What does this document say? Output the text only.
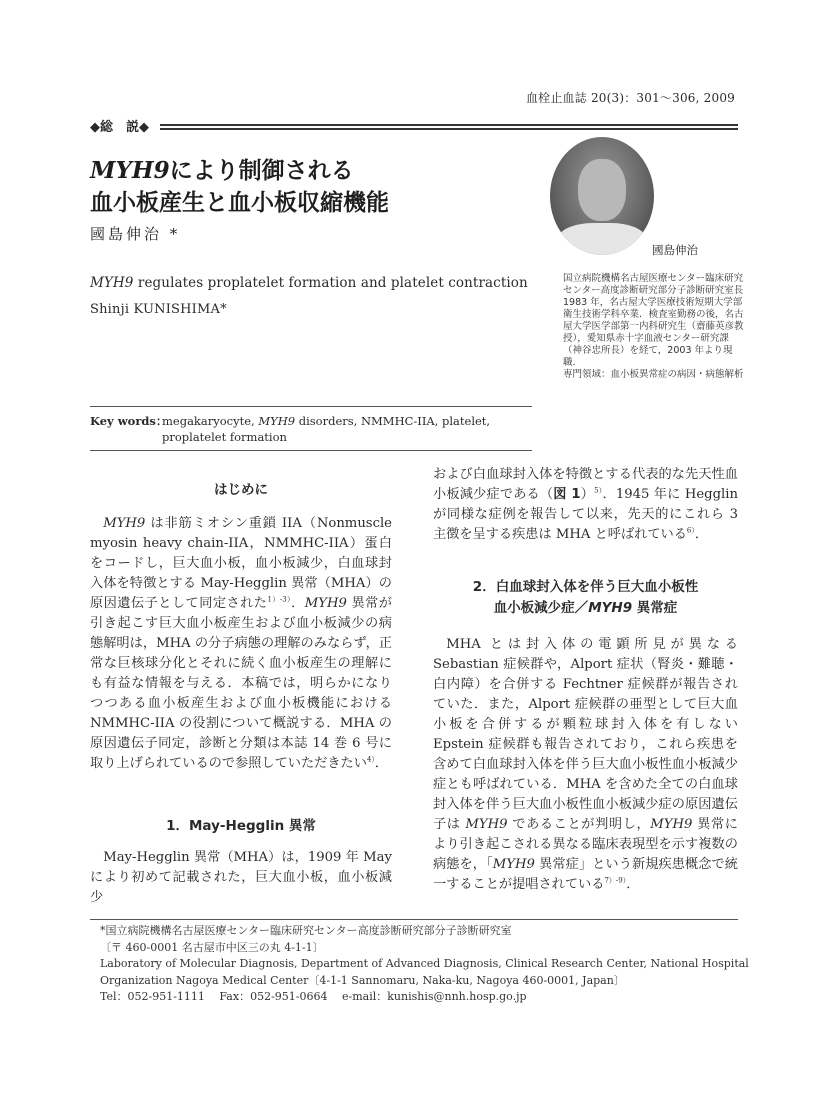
血栓止血誌 20(3)：301〜306, 2009
◆総　説◆
MYH9により制御される
血小板産生と血小板収縮機能
國島伸治 *
MYH9 regulates proplatelet formation and platelet contraction
Shinji KUNISHIMA*
國島伸治

国立病院機構名古屋医療センター臨床研究センター高度診断研究部分子診断研究室長

1983 年，名古屋大学医療技術短期大学部衛生技術学科卒業．検査室勤務の後，名古屋大学医学部第一内科研究生（齋藤英彦教授），愛知県赤十字血液センター研究課（神谷忠所長）を経て，2003 年より現職．

専門領域：血小板異常症の病因・病態解析

Key words：
megakaryocyte, MYH9 disorders, NMMHC-IIA, platelet, proplatelet formation
はじめに

MYH9 は非筋ミオシン重鎖 IIA（Nonmuscle myosin heavy chain-IIA，NMMHC-IIA）蛋白をコードし，巨大血小板，血小板減少，白血球封入体を特徴とする May-Hegglin 異常（MHA）の原因遺伝子として同定された$^{1)-3)}$．MYH9 異常が引き起こす巨大血小板産生および血小板減少の病態解明は，MHA の分子病態の理解のみならず，正常な巨核球分化とそれに続く血小板産生の理解にも有益な情報を与える．本稿では，明らかになりつつある血小板産生および血小板機能における NMMHC-IIA の役割について概説する．MHA の原因遺伝子同定，診断と分類は本誌 14 巻 6 号に取り上げられているので参照していただきたい$^{4)}$．

1．May-Hegglin 異常

May-Hegglin 異常（MHA）は，1909 年 May により初めて記載された，巨大血小板，血小板減少

および白血球封入体を特徴とする代表的な先天性血小板減少症である（図 1）$^{5)}$．1945 年に Hegglin が同様な症例を報告して以来，先天的にこれら 3 主徴を呈する疾患は MHA と呼ばれている$^{6)}$．

2．白血球封入体を伴う巨大血小板性
血小板減少症／MYH9 異常症

MHA とは封入体の電顕所見が異なる Sebastian 症候群や，Alport 症状（腎炎・難聴・白内障）を合併する Fechtner 症候群が報告されていた．また，Alport 症候群の亜型として巨大血小板を合併するが顆粒球封入体を有しない Epstein 症候群も報告されており，これら疾患を含めて白血球封入体を伴う巨大血小板性血小板減少症とも呼ばれている．MHA を含めた全ての白血球封入体を伴う巨大血小板性血小板減少症の原因遺伝子は MYH9 であることが判明し，MYH9 異常により引き起こされる異なる臨床表現型を示す複数の病態を，「MYH9 異常症」という新規疾患概念で統一することが提唱されている$^{7)-9)}$．

*国立病院機構名古屋医療センター臨床研究センター高度診断研究部分子診断研究室
〔〒 460-0001 名古屋市中区三の丸 4-1-1〕
Laboratory of Molecular Diagnosis, Department of Advanced Diagnosis, Clinical Research Center, National Hospital
Organization Nagoya Medical Center〔4-1-1 Sannomaru, Naka-ku, Nagoya 460-0001, Japan〕
Tel：052-951-1111　 Fax：052-951-0664　 e-mail：kunishis@nnh.hosp.go.jp
